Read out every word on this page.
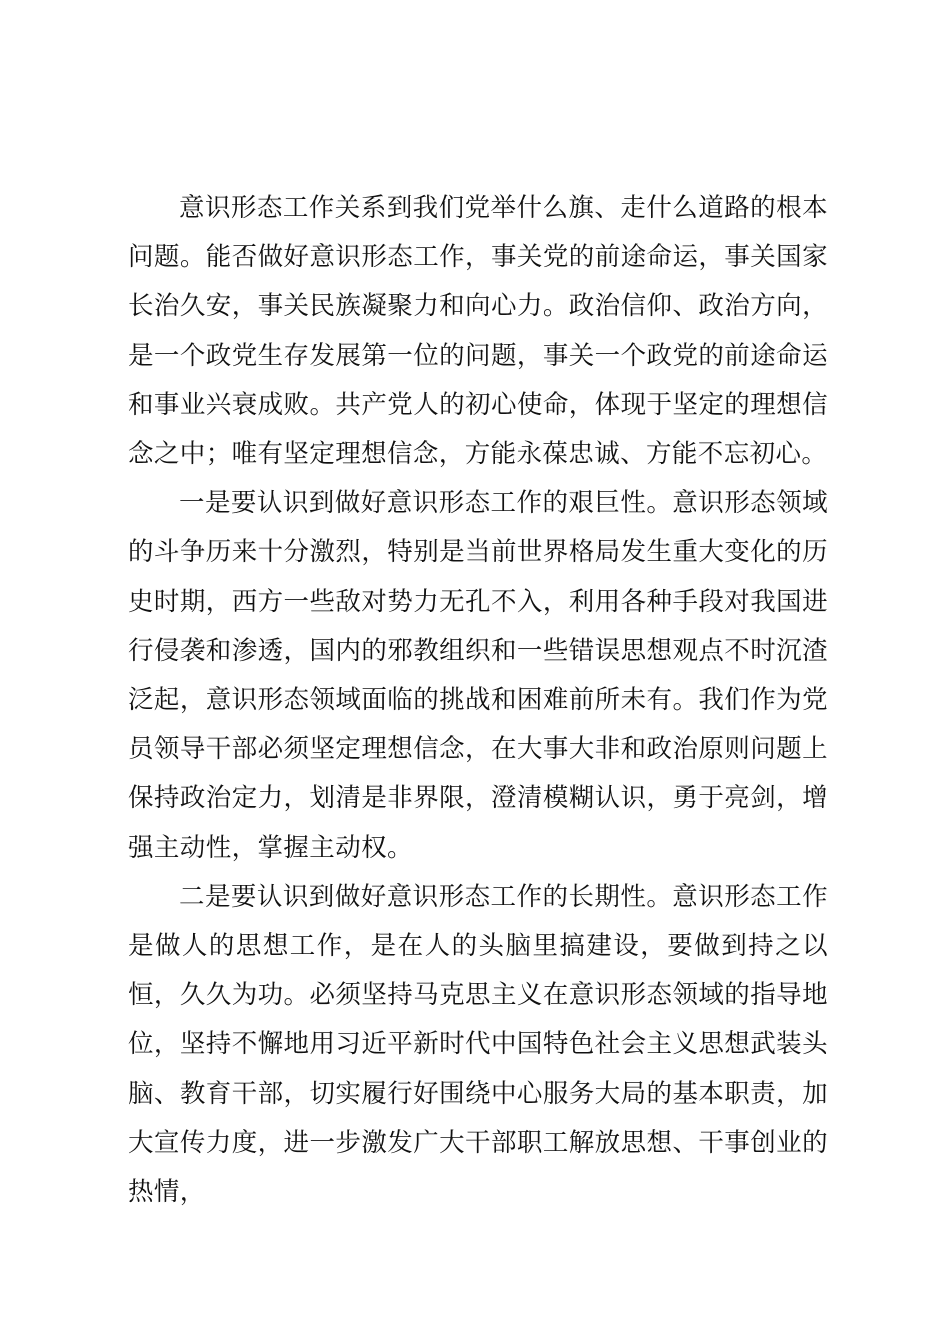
意识形态工作关系到我们党举什么旗、走什么道路的根本问题。能否做好意识形态工作，事关党的前途命运，事关国家长治久安，事关民族凝聚力和向心力。政治信仰、政治方向，是一个政党生存发展第一位的问题，事关一个政党的前途命运和事业兴衰成败。共产党人的初心使命，体现于坚定的理想信念之中；唯有坚定理想信念，方能永葆忠诚、方能不忘初心。

一是要认识到做好意识形态工作的艰巨性。意识形态领域的斗争历来十分激烈，特别是当前世界格局发生重大变化的历史时期，西方一些敌对势力无孔不入，利用各种手段对我国进行侵袭和渗透，国内的邪教组织和一些错误思想观点不时沉渣泛起，意识形态领域面临的挑战和困难前所未有。我们作为党员领导干部必须坚定理想信念，在大事大非和政治原则问题上保持政治定力，划清是非界限，澄清模糊认识，勇于亮剑，增强主动性，掌握主动权。

二是要认识到做好意识形态工作的长期性。意识形态工作是做人的思想工作，是在人的头脑里搞建设，要做到持之以恒，久久为功。必须坚持马克思主义在意识形态领域的指导地位，坚持不懈地用习近平新时代中国特色社会主义思想武装头脑、教育干部，切实履行好围绕中心服务大局的基本职责，加大宣传力度，进一步激发广大干部职工解放思想、干事创业的热情，
